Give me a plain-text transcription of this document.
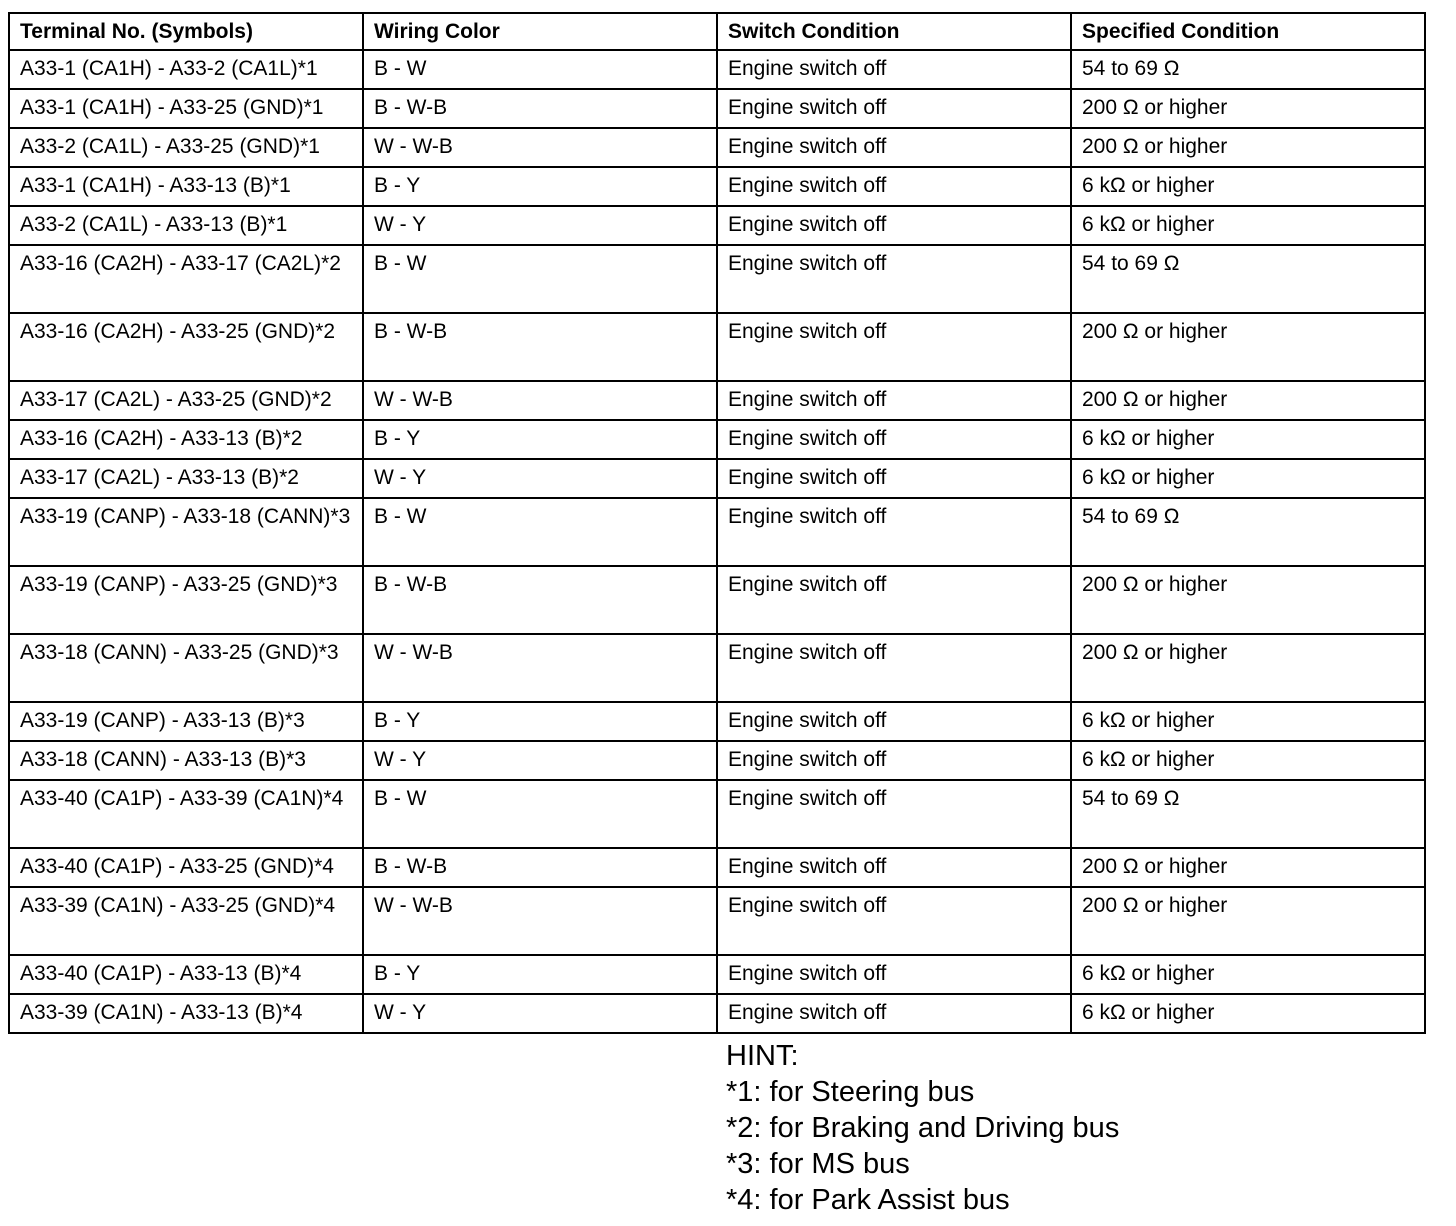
Terminal No. (Symbols)	Wiring Color	Switch Condition	Specified Condition
A33-1 (CA1H) - A33-2 (CA1L)*1	B - W	Engine switch off	54 to 69 Ω
A33-1 (CA1H) - A33-25 (GND)*1	B - W-B	Engine switch off	200 Ω or higher
A33-2 (CA1L) - A33-25 (GND)*1	W - W-B	Engine switch off	200 Ω or higher
A33-1 (CA1H) - A33-13 (B)*1	B - Y	Engine switch off	6 kΩ or higher
A33-2 (CA1L) - A33-13 (B)*1	W - Y	Engine switch off	6 kΩ or higher
A33-16 (CA2H) - A33-17 (CA2L)*2	B - W	Engine switch off	54 to 69 Ω
A33-16 (CA2H) - A33-25 (GND)*2	B - W-B	Engine switch off	200 Ω or higher
A33-17 (CA2L) - A33-25 (GND)*2	W - W-B	Engine switch off	200 Ω or higher
A33-16 (CA2H) - A33-13 (B)*2	B - Y	Engine switch off	6 kΩ or higher
A33-17 (CA2L) - A33-13 (B)*2	W - Y	Engine switch off	6 kΩ or higher
A33-19 (CANP) - A33-18 (CANN)*3	B - W	Engine switch off	54 to 69 Ω
A33-19 (CANP) - A33-25 (GND)*3	B - W-B	Engine switch off	200 Ω or higher
A33-18 (CANN) - A33-25 (GND)*3	W - W-B	Engine switch off	200 Ω or higher
A33-19 (CANP) - A33-13 (B)*3	B - Y	Engine switch off	6 kΩ or higher
A33-18 (CANN) - A33-13 (B)*3	W - Y	Engine switch off	6 kΩ or higher
A33-40 (CA1P) - A33-39 (CA1N)*4	B - W	Engine switch off	54 to 69 Ω
A33-40 (CA1P) - A33-25 (GND)*4	B - W-B	Engine switch off	200 Ω or higher
A33-39 (CA1N) - A33-25 (GND)*4	W - W-B	Engine switch off	200 Ω or higher
A33-40 (CA1P) - A33-13 (B)*4	B - Y	Engine switch off	6 kΩ or higher
A33-39 (CA1N) - A33-13 (B)*4	W - Y	Engine switch off	6 kΩ or higher
HINT:
*1: for Steering bus
*2: for Braking and Driving bus
*3: for MS bus
*4: for Park Assist bus
